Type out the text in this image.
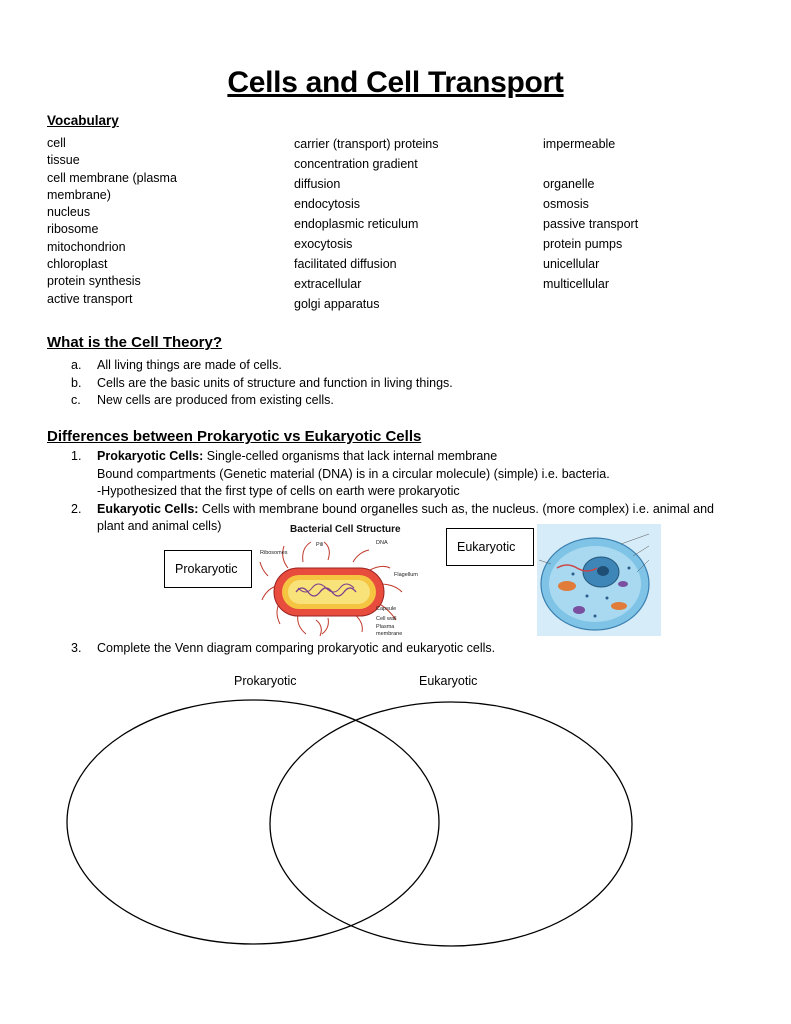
Cells and Cell Transport
Vocabulary
cell
tissue
cell membrane (plasma
membrane)
nucleus
ribosome
mitochondrion
chloroplast
protein synthesis
active transport
carrier (transport) proteins
concentration gradient
diffusion
endocytosis
endoplasmic reticulum
exocytosis
facilitated diffusion
extracellular
golgi apparatus
impermeable
organelle
osmosis
passive transport
protein pumps
unicellular
multicellular
What is the Cell Theory?
a. All living things are made of cells.
b. Cells are the basic units of structure and function in living things.
c. New cells are produced from existing cells.
Differences between Prokaryotic vs Eukaryotic Cells
1. Prokaryotic Cells: Single-celled organisms that lack internal membrane
Bound compartments (Genetic material (DNA) is in a circular molecule) (simple) i.e. bacteria.
-Hypothesized that the first type of cells on earth were prokaryotic
2. Eukaryotic Cells: Cells with membrane bound organelles such as, the nucleus. (more complex) i.e. animal and
plant and animal cells)
Prokaryotic
Bacterial Cell Structure
Pili	DNA
Ribosomes
Flagellum
Capsule
Cell wall
Plasma
membrane
Eukaryotic
3. Complete the Venn diagram comparing prokaryotic and eukaryotic cells.
Prokaryotic	Eukaryotic
